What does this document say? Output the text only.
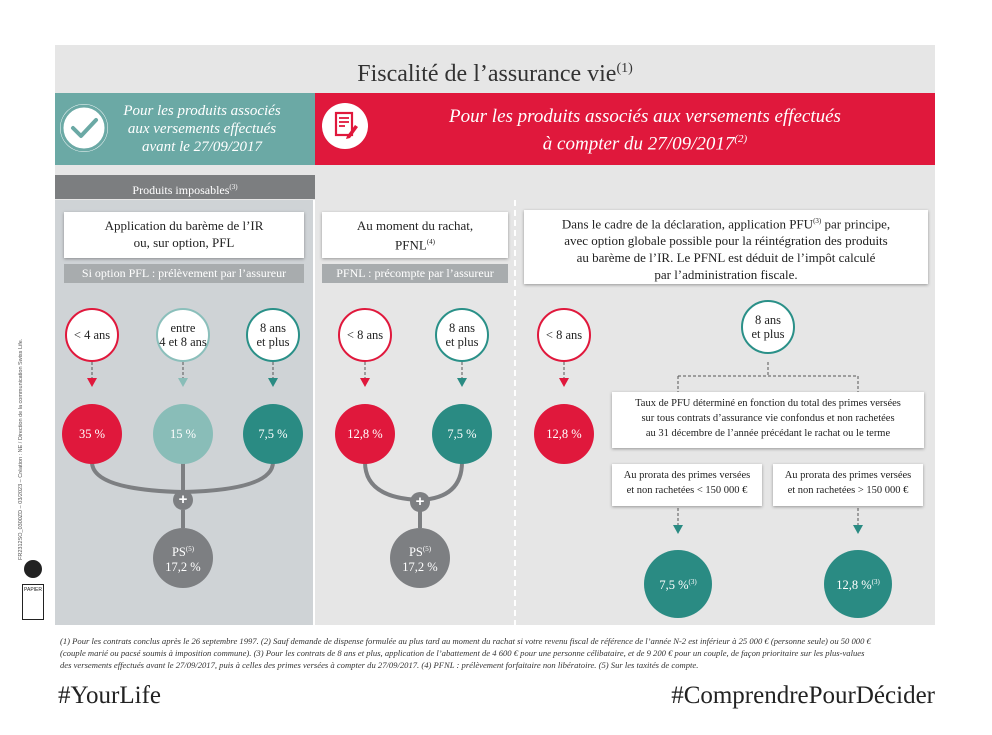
Fiscalité de l’assurance vie$^{(1)}$
Pour les produits associés
aux versements effectués
avant le 27/09/2017
Pour les produits associés aux versements effectués
à compter du 27/09/2017$^{(2)}$
Produits imposables$^{(3)}$
Application du barème de l’IR
ou, sur option, PFL
Si option PFL : prélèvement par l’assureur
< 4 ans	entre
4 et 8 ans
8 ans
et plus
35 %	15 %	7,5 %
+
$PS^{(5)}$
17,2 %
Au moment du rachat,
PFNL$^{(4)}$
PFNL : précompte par l’assureur
< 8 ans	8 ans
et plus
12,8 %	7,5 %
+
$PS^{(5)}$
17,2 %
Dans le cadre de la déclaration, application PFU$^{(3)}$ par principe,
avec option globale possible pour la réintégration des produits
au barème de l’IR. Le PFNL est déduit de l’impôt calculé
par l’administration fiscale.
< 8 ans
8 ans
et plus
12,8 %
Taux de PFU déterminé en fonction du total des primes versées
sur tous contrats d’assurance vie confondus et non rachetées
au 31 décembre de l’année précédant le rachat ou le terme
Au prorata des primes versées
et non rachetées < 150 000 €
Au prorata des primes versées
et non rachetées > 150 000 €
7,5 %$^{(3)}$	12,8 %$^{(3)}$
FR2312SO_0300ZD – 03/2023 – Création : NE / Direction de la communication Swiss Life.
PAPIER
(1) Pour les contrats conclus après le 26 septembre 1997. (2) Sauf demande de dispense formulée au plus tard au moment du rachat si votre revenu fiscal de référence de l’année N-2 est inférieur à 25 000 € (personne seule) ou 50 000 €
(couple marié ou pacsé soumis à imposition commune). (3) Pour les contrats de 8 ans et plus, application de l’abattement de 4 600 € pour une personne célibataire, et de 9 200 € pour un couple, de façon prioritaire sur les plus-values
des versements effectués avant le 27/09/2017, puis à celles des primes versées à compter du 27/09/2017. (4) PFNL : prélèvement forfaitaire non libératoire. (5) Sur les taxités de compte.
#YourLife	#ComprendrePourDécider
